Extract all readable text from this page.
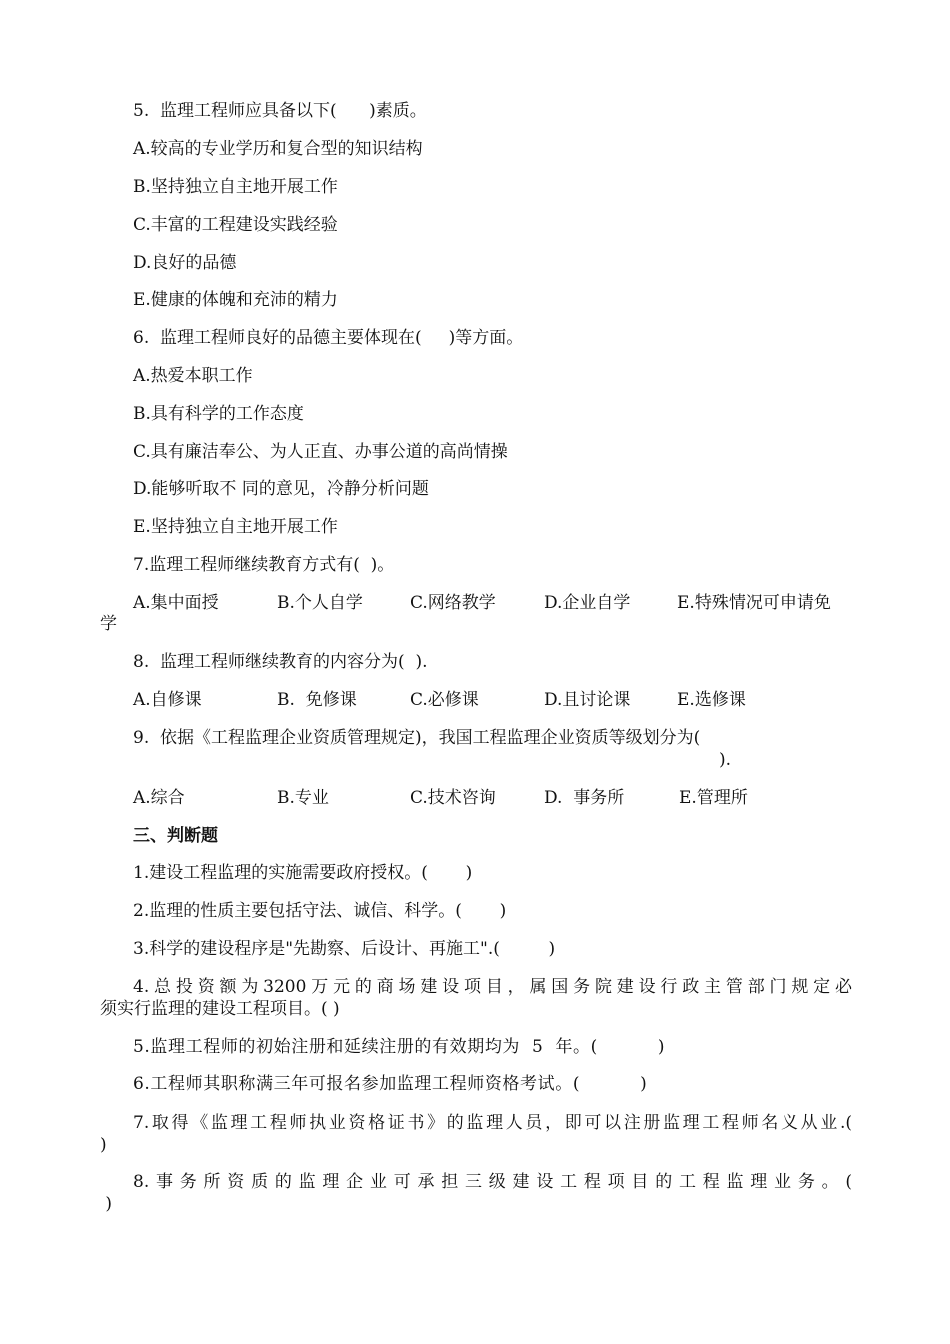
5.  监理工程师应具备以下(      )素质。
A.较高的专业学历和复合型的知识结构
B.坚持独立自主地开展工作
C.丰富的工程建设实践经验
D.良好的品德
E.健康的体魄和充沛的精力
6.  监理工程师良好的品德主要体现在(     )等方面。
A.热爱本职工作
B.具有科学的工作态度
C.具有廉洁奉公、为人正直、办事公道的高尚情操
D.能够听取不 同的意见，冷静分析问题
E.坚持独立自主地开展工作
7.监理工程师继续教育方式有(  )。

A.集中面授

	B.个人自学

	C.网络教学

	D.企业自学

	E.特殊情况可申请免

学
8.  监理工程师继续教育的内容分为(  ).

A.自修课

	B.  免修课

	C.必修课

	D.且讨论课

	E.选修课

9.  依据《工程监理企业资质管理规定)，我国工程监理企业资质等级划分为(
).

A.综合

	B.专业

	C.技术咨询

	D.  事务所

	E.管理所

三、判断题
1.建设工程监理的实施需要政府授权。(       )
2.监理的性质主要包括守法、诚信、科学。(       )
3.科学的建设程序是"先勘察、后设计、再施工".(         )
4.总投资额为3200万元的商场建设项目，属国务院建设行政主管部门规定必
须实行监理的建设工程项目。( )
5.监理工程师的初始注册和延续注册的有效期均为  5  年。(          )
6.工程师其职称满三年可报名参加监理工程师资格考试。(          )
7.取得《监理工程师执业资格证书》的监理人员，即可以注册监理工程师名义从业.(
)
8.事务所资质的监理企业可承担三级建设工程项目的工程监理业务。(
)
